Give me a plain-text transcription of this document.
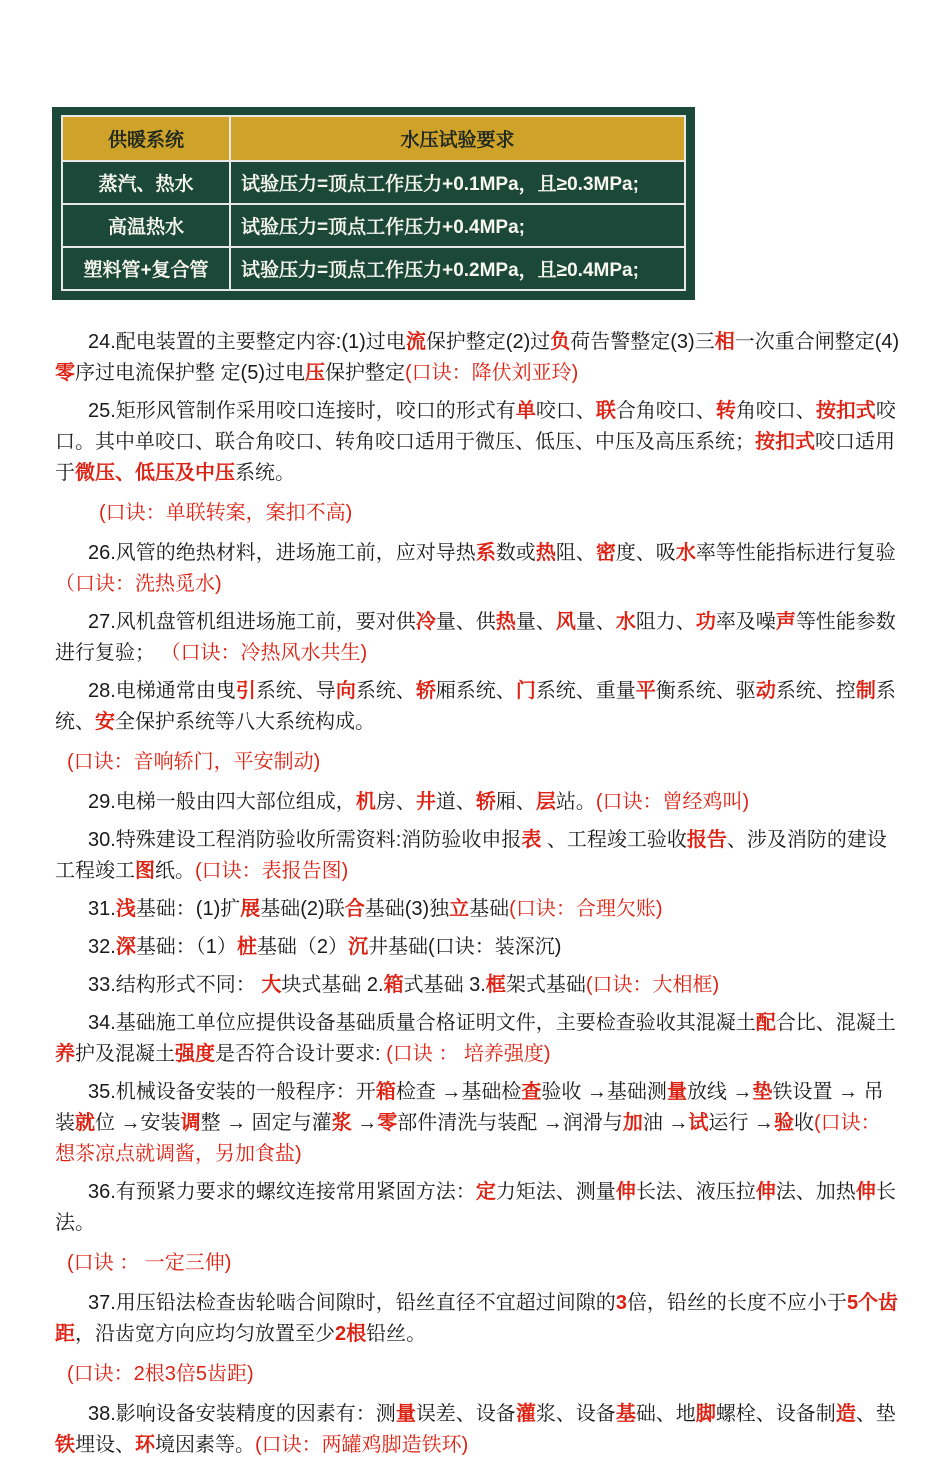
供暖系统	水压试验要求
蒸汽、热水	试验压力=顶点工作压力+0.1MPa，且≥0.3MPa;
高温热水	试验压力=顶点工作压力+0.4MPa;
塑料管+复合管	试验压力=顶点工作压力+0.2MPa，且≥0.4MPa;

24.配电装置的主要整定内容:(1)过电流保护整定(2)过负荷告警整定(3)三相一次重合闸整定(4)零序过电流保护整 定(5)过电压保护整定(口诀：降伏刘亚玲)

25.矩形风管制作采用咬口连接时，咬口的形式有单咬口、联合角咬口、转角咬口、按扣式咬口。其中单咬口、联合角咬口、转角咬口适用于微压、低压、中压及高压系统；按扣式咬口适用于微压、低压及中压系统。

(口诀：单联转案，案扣不高)

26.风管的绝热材料，进场施工前，应对导热系数或热阻、密度、吸水率等性能指标进行复验（口诀：洗热觅水)

27.风机盘管机组进场施工前，要对供冷量、供热量、风量、水阻力、功率及噪声等性能参数进行复验； （口诀：冷热风水共生)

28.电梯通常由曳引系统、导向系统、轿厢系统、门系统、重量平衡系统、驱动系统、控制系统、安全保护系统等八大系统构成。

(口诀：音响轿门，平安制动)

29.电梯一般由四大部位组成，机房、井道、轿厢、层站。(口诀：曾经鸡叫)

30.特殊建设工程消防验收所需资料:消防验收申报表 、工程竣工验收报告、涉及消防的建设工程竣工图纸。(口诀：表报告图)

31.浅基础：(1)扩展基础(2)联合基础(3)独立基础(口诀：合理欠账)

32.深基础：（1）桩基础（2）沉井基础(口诀：装深沉)

33.结构形式不同： 大块式基础 2.箱式基础 3.框架式基础(口诀：大相框)

34.基础施工单位应提供设备基础质量合格证明文件，主要检查验收其混凝土配合比、混凝土养护及混凝土强度是否符合设计要求: (口诀 ： 培养强度)

35.机械设备安装的一般程序：开箱检查 →基础检查验收 →基础测量放线 →垫铁设置 → 吊装就位 →安装调整 → 固定与灌浆 →零部件清洗与装配 →润滑与加油 →试运行 →验收(口诀：想茶凉点就调酱，另加食盐)

36.有预紧力要求的螺纹连接常用紧固方法：定力矩法、测量伸长法、液压拉伸法、加热伸长法。

(口诀 ： 一定三伸)

37.用压铅法检查齿轮啮合间隙时，铅丝直径不宜超过间隙的3倍，铅丝的长度不应小于5个齿距，沿齿宽方向应均匀放置至少2根铅丝。

(口诀：2根3倍5齿距)

38.影响设备安装精度的因素有：测量误差、设备灌浆、设备基础、地脚螺栓、设备制造、垫铁埋设、环境因素等。(口诀：两罐鸡脚造铁环)
